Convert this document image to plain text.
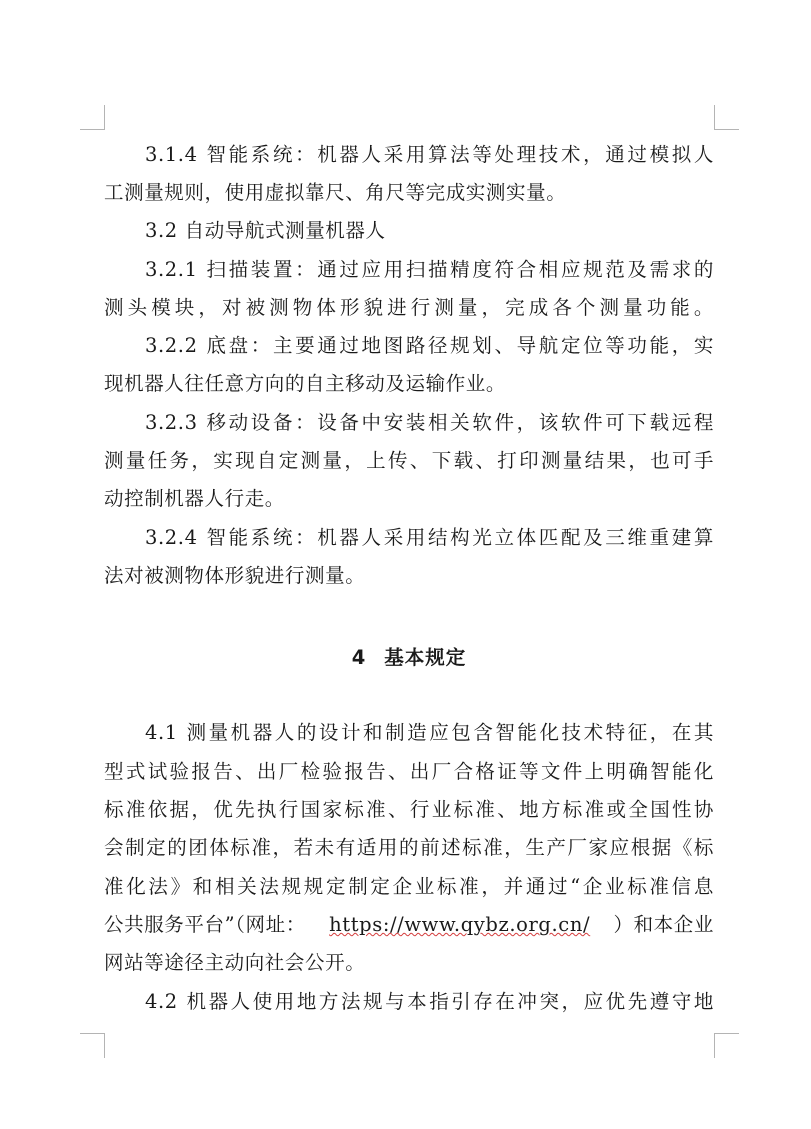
3.1.4 智能系统：机器人采用算法等处理技术，通过模拟人
工测量规则，使用虚拟靠尺、角尺等完成实测实量。
3.2 自动导航式测量机器人
3.2.1 扫描装置：通过应用扫描精度符合相应规范及需求的
测头模块，对被测物体形貌进行测量，完成各个测量功能。
3.2.2 底盘：主要通过地图路径规划、导航定位等功能，实
现机器人往任意方向的自主移动及运输作业。
3.2.3 移动设备：设备中安装相关软件，该软件可下载远程
测量任务，实现自定测量，上传、下载、打印测量结果，也可手
动控制机器人行走。
3.2.4 智能系统：机器人采用结构光立体匹配及三维重建算
法对被测物体形貌进行测量。
4 基本规定
4.1 测量机器人的设计和制造应包含智能化技术特征，在其
型式试验报告、出厂检验报告、出厂合格证等文件上明确智能化
标准依据，优先执行国家标准、行业标准、地方标准或全国性协
会制定的团体标准，若未有适用的前述标准，生产厂家应根据《标
准化法》和相关法规规定制定企业标准，并通过“企业标准信息
公共服务平台”（网址： https://www.qybz.org.cn/ ）和本企业
网站等途径主动向社会公开。
4.2 机器人使用地方法规与本指引存在冲突，应优先遵守地
